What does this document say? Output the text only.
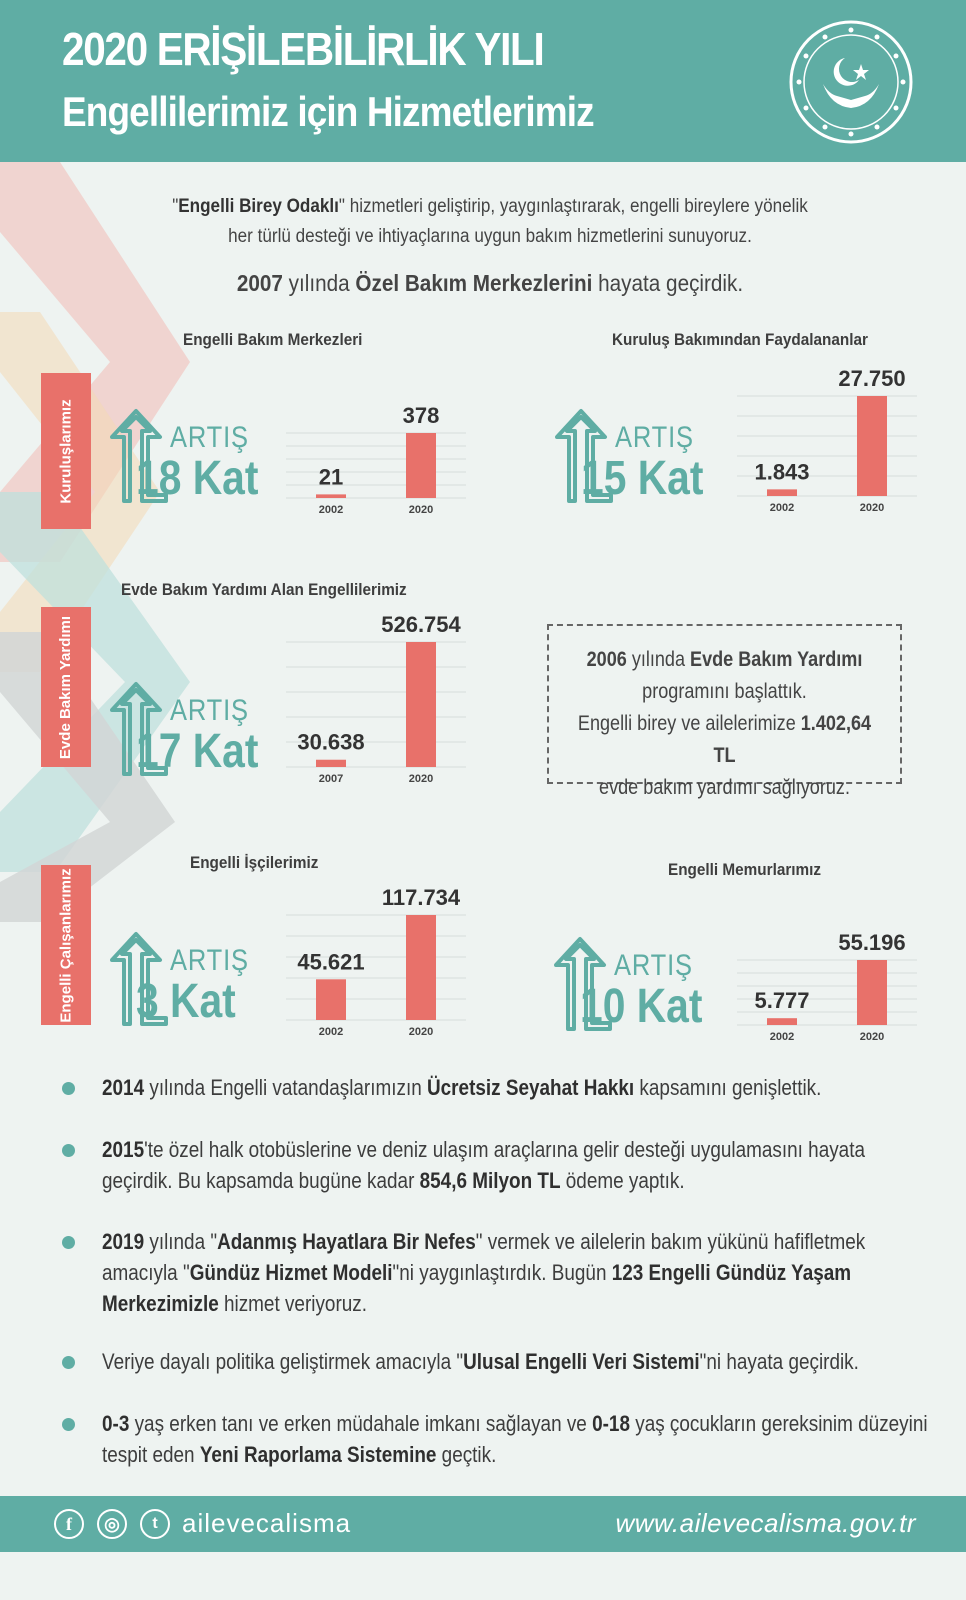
2020 ERİŞİLEBİLİRLİK YILI
Engellilerimiz için Hizmetlerimiz
"Engelli Birey Odaklı" hizmetleri geliştirip, yaygınlaştırarak, engelli bireylere yönelik
her türlü desteği ve ihtiyaçlarına uygun bakım hizmetlerini sunuyoruz.
2007 yılında Özel Bakım Merkezlerini hayata geçirdik.
Kuruluşlarımız
Evde Bakım Yardımı
Engelli Çalışanlarımız
Engelli Bakım Merkezleri
ARTIŞ
18 Kat	21
2002
378
2020
Kuruluş Bakımından Faydalananlar
ARTIŞ
15 Kat 1.843
2002
27.750
2020
Evde Bakım Yardımı Alan Engellilerimiz
ARTIŞ
17 Kat 30.638
2007
526.754
2020
2006 yılında Evde Bakım Yardımı
programını başlattık.
Engelli birey ve ailelerimize 1.402,64 TL
evde bakım yardımı sağlıyoruz.
Engelli İşçilerimiz
ARTIŞ
3 Kat
45.621
2002
117.734
2020
Engelli Memurlarımız
ARTIŞ
10 Kat 5.777
2002
55.196
2020
2014 yılında Engelli vatandaşlarımızın Ücretsiz Seyahat Hakkı kapsamını genişlettik.
2015'te özel halk otobüslerine ve deniz ulaşım araçlarına gelir desteği uygulamasını hayata
geçirdik. Bu kapsamda bugüne kadar 854,6 Milyon TL ödeme yaptık.
2019 yılında "Adanmış Hayatlara Bir Nefes" vermek ve ailelerin bakım yükünü hafifletmek
amacıyla "Gündüz Hizmet Modeli"ni yaygınlaştırdık. Bugün 123 Engelli Gündüz Yaşam
Merkezimizle hizmet veriyoruz.
Veriye dayalı politika geliştirmek amacıyla "Ulusal Engelli Veri Sistemi"ni hayata geçirdik.
0-3 yaş erken tanı ve erken müdahale imkanı sağlayan ve 0-18 yaş çocukların gereksinim düzeyini
tespit eden Yeni Raporlama Sistemine geçtik.
f	◎	t ailevecalisma	www.ailevecalisma.gov.tr
